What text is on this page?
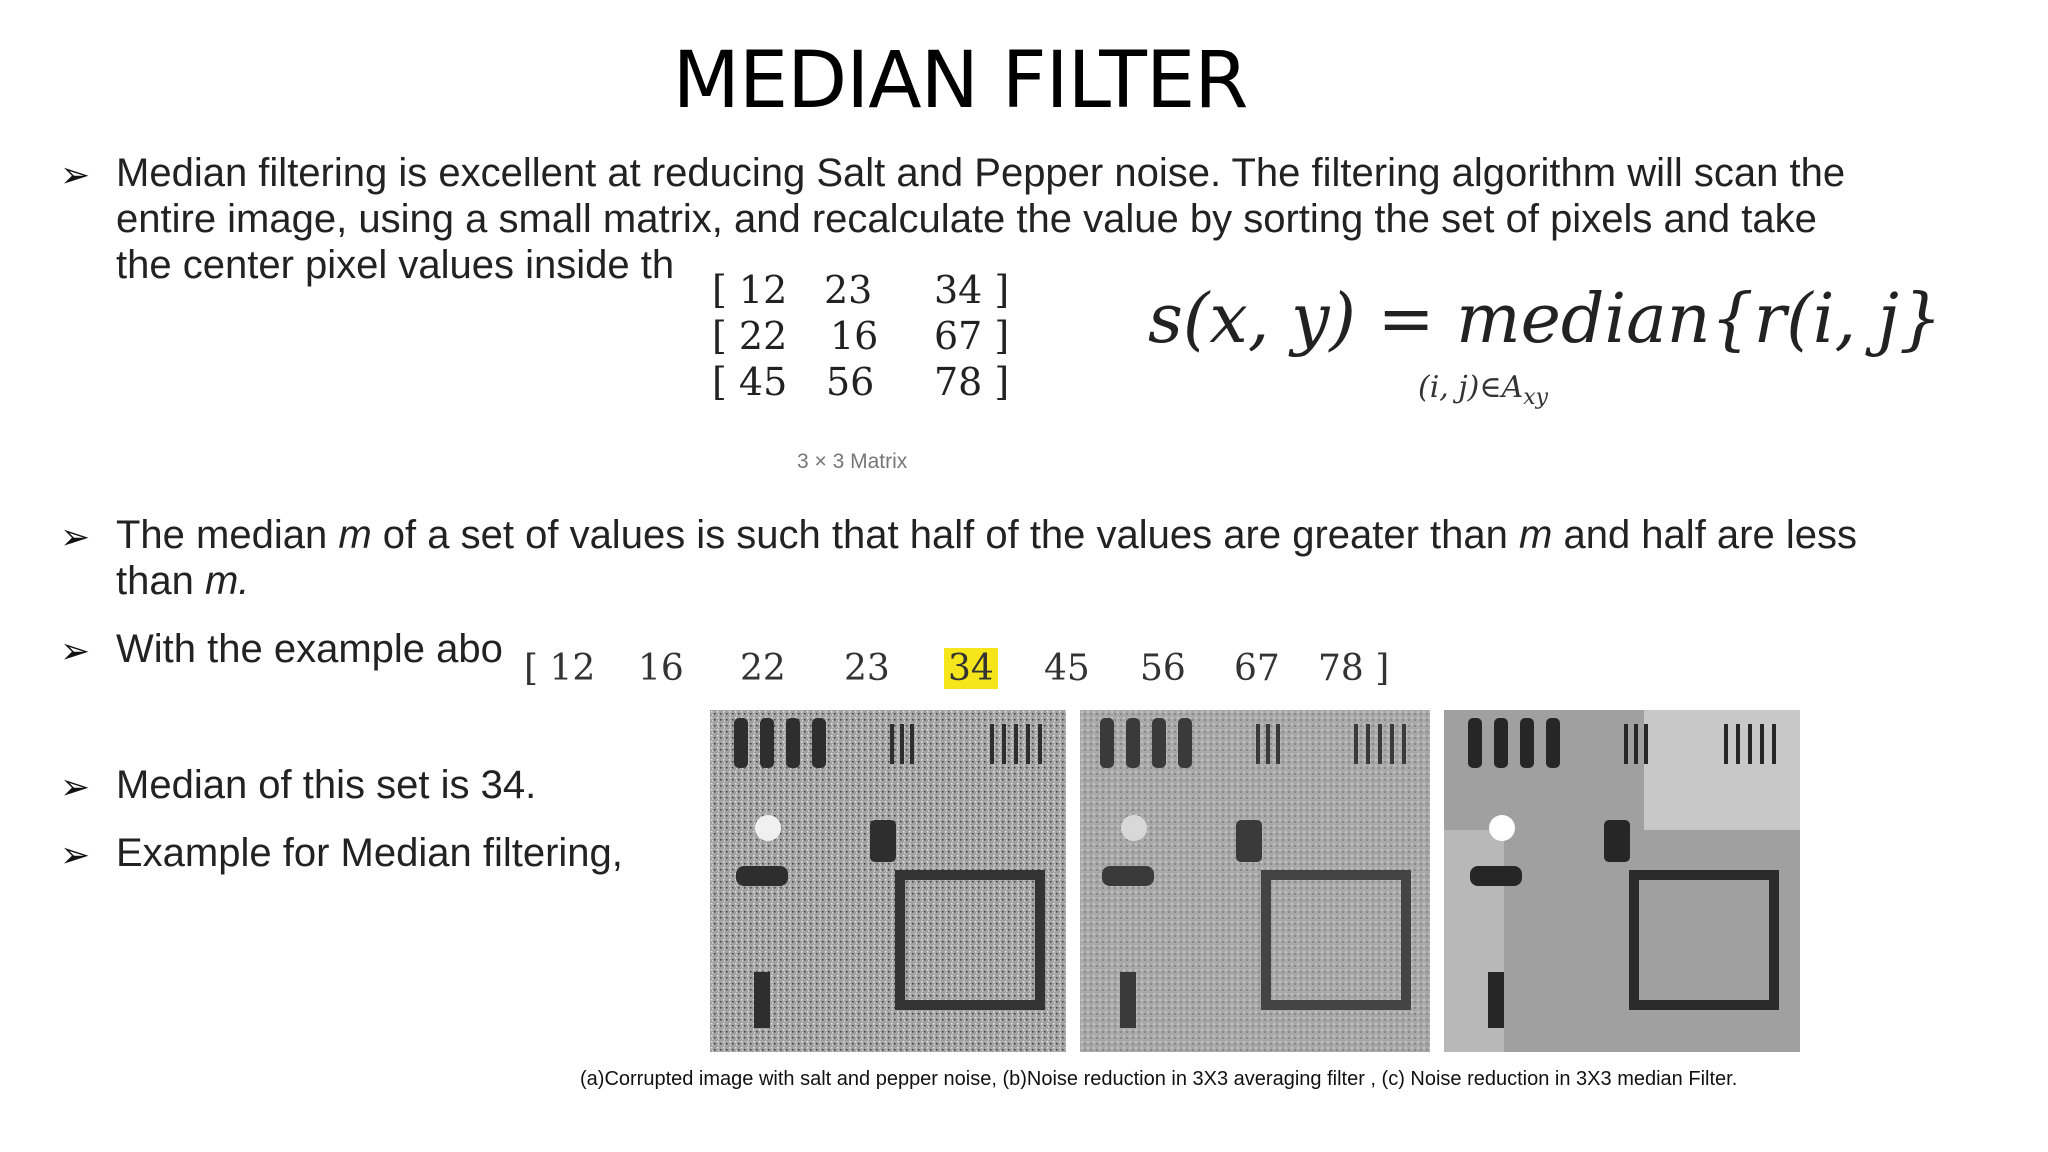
MEDIAN FILTER
➢ Median filtering is excellent at reducing Salt and Pepper noise. The filtering algorithm will scan the
entire image, using a small matrix, and recalculate the value by sorting the set of pixels and take
the center pixel values inside th
[ 12 23 34 ]
[ 22 16 67 ]
[ 45 56 78 ]
3 × 3 Matrix
s(x, y) = median{r(i, j}
(i, $j)\in A_{xy}$
➢ The median m of a set of values is such that half of the values are greater than m and half are less
than m.
➢ With the example abo [ 12 16 22 23 34 45 56 67 78 ]
➢ Median of this set is 34.
➢ Example for Median filtering,
(a)Corrupted image with salt and pepper noise, (b)Noise reduction in 3X3 averaging filter , (c) Noise reduction in 3X3 median Filter.
